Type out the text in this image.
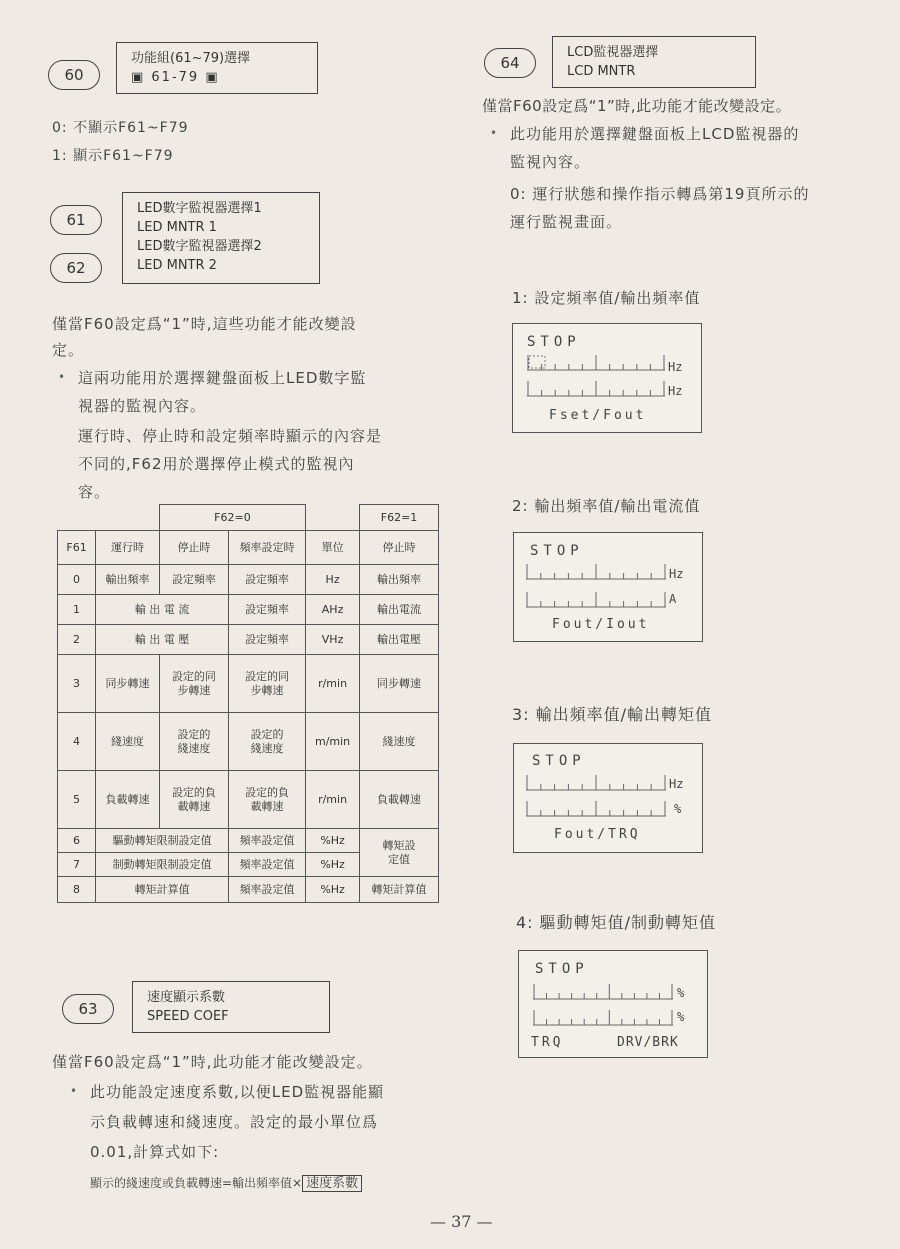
60
功能組(61~79)選擇
▣ 61-79 ▣
0: 不顯示F61~F79
1: 顯示F61~F79
61
62
LED數字監視器選擇1
LED MNTR 1
LED數字監視器選擇2
LED MNTR 2
僅當F60設定爲“1”時,這些功能才能改變設
定。
• 這兩功能用於選擇鍵盤面板上LED數字監
視器的監視內容。
運行時、停止時和設定頻率時顯示的內容是
不同的,F62用於選擇停止模式的監視內
容。
		F62=0			F62=1
F61	運行時	停止時	頻率設定時	單位	停止時
0	輸出頻率	設定頻率	設定頻率	Hz	輸出頻率
1	輸 出 電 流		設定頻率	AHz	輸出電流
2	輸 出 電 壓		設定頻率	VHz	輸出電壓
3	同步轉速	設定的同步轉速	設定的同步轉速	r/min	同步轉速
4	綫速度	設定的綫速度	設定的綫速度	m/min	綫速度
5	負載轉速	設定的負載轉速	設定的負載轉速	r/min	負載轉速
6	驅動轉矩限制設定值		頻率設定值	%Hz	轉矩設定值
7	制動轉矩限制設定值		頻率設定值	%Hz	
8	轉矩計算值		頻率設定值	%Hz	轉矩計算值
63
速度顯示系數
SPEED COEF
僅當F60設定爲“1”時,此功能才能改變設定。
• 此功能設定速度系數,以便LED監視器能顯
示負載轉速和綫速度。設定的最小單位爲
0.01,計算式如下:
顯示的綫速度或負載轉速=輸出頻率值× 速度系數
64
LCD監視器選擇
LCD MNTR
僅當F60設定爲“1”時,此功能才能改變設定。
• 此功能用於選擇鍵盤面板上LCD監視器的
監視內容。
0: 運行狀態和操作指示轉爲第19頁所示的
運行監視畫面。
1: 設定頻率值/輸出頻率值
STOP
Hz
Hz
Fset/Fout
2: 輸出頻率值/輸出電流值
STOP
Hz
A
Fout/Iout
3: 輸出頻率值/輸出轉矩值
STOP
Hz
%
Fout/TRQ
4: 驅動轉矩值/制動轉矩值
STOP
%
%
TRQ	DRV/BRK
— 37 —
